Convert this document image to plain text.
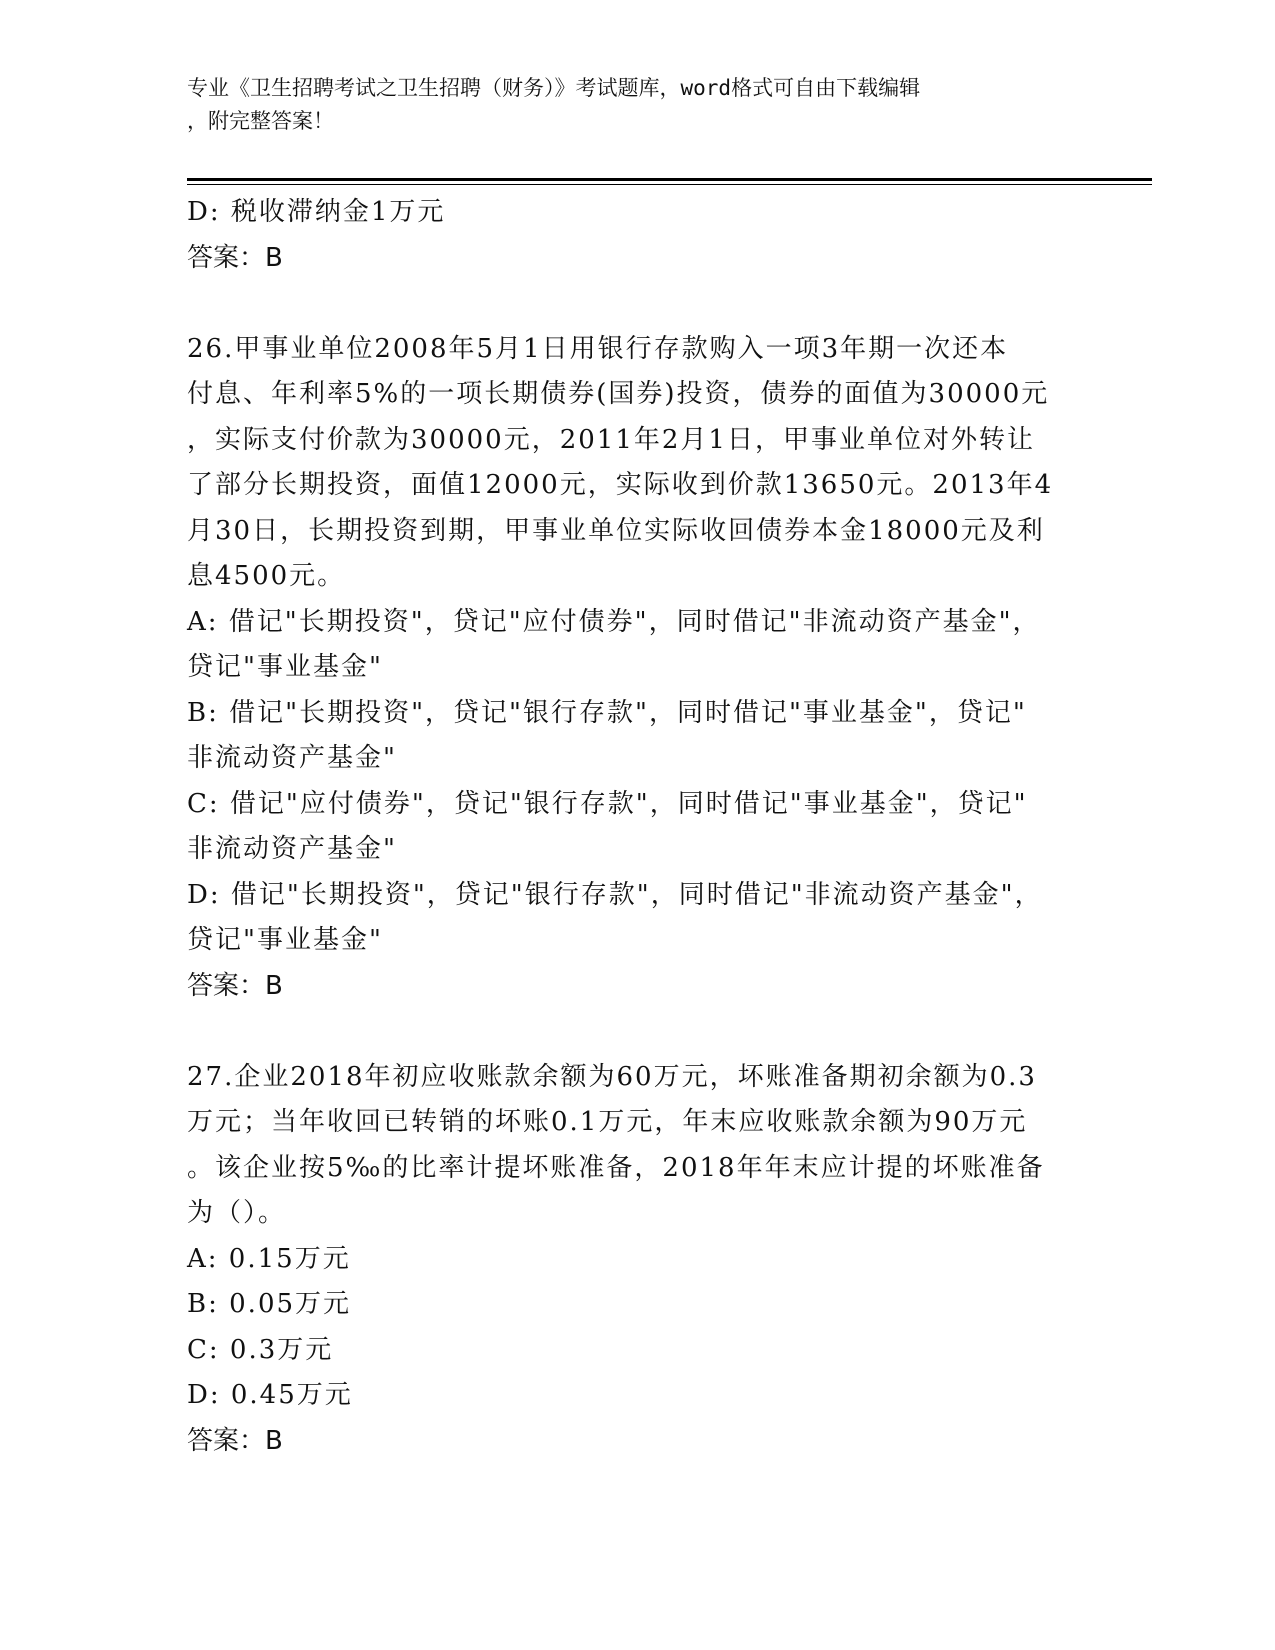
专业《卫生招聘考试之卫生招聘（财务）》考试题库，word格式可自由下载编辑
，附完整答案！
D: 税收滞纳金1万元
答案：B
26.甲事业单位2008年5月1日用银行存款购入一项3年期一次还本
付息、年利率5%的一项长期债券(国券)投资，债券的面值为30000元
，实际支付价款为30000元，2011年2月1日，甲事业单位对外转让
了部分长期投资，面值12000元，实际收到价款13650元。2013年4
月30日，长期投资到期，甲事业单位实际收回债券本金18000元及利
息4500元。
A: 借记"长期投资"，贷记"应付债券"，同时借记"非流动资产基金"，
贷记"事业基金"
B: 借记"长期投资"，贷记"银行存款"，同时借记"事业基金"，贷记"
非流动资产基金"
C: 借记"应付债券"，贷记"银行存款"，同时借记"事业基金"，贷记"
非流动资产基金"
D: 借记"长期投资"，贷记"银行存款"，同时借记"非流动资产基金"，
贷记"事业基金"
答案：B
27.企业2018年初应收账款余额为60万元，坏账准备期初余额为0.3
万元；当年收回已转销的坏账0.1万元，年末应收账款余额为90万元
。该企业按5‰的比率计提坏账准备，2018年年末应计提的坏账准备
为（）。
A: 0.15万元
B: 0.05万元
C: 0.3万元
D: 0.45万元
答案：B
